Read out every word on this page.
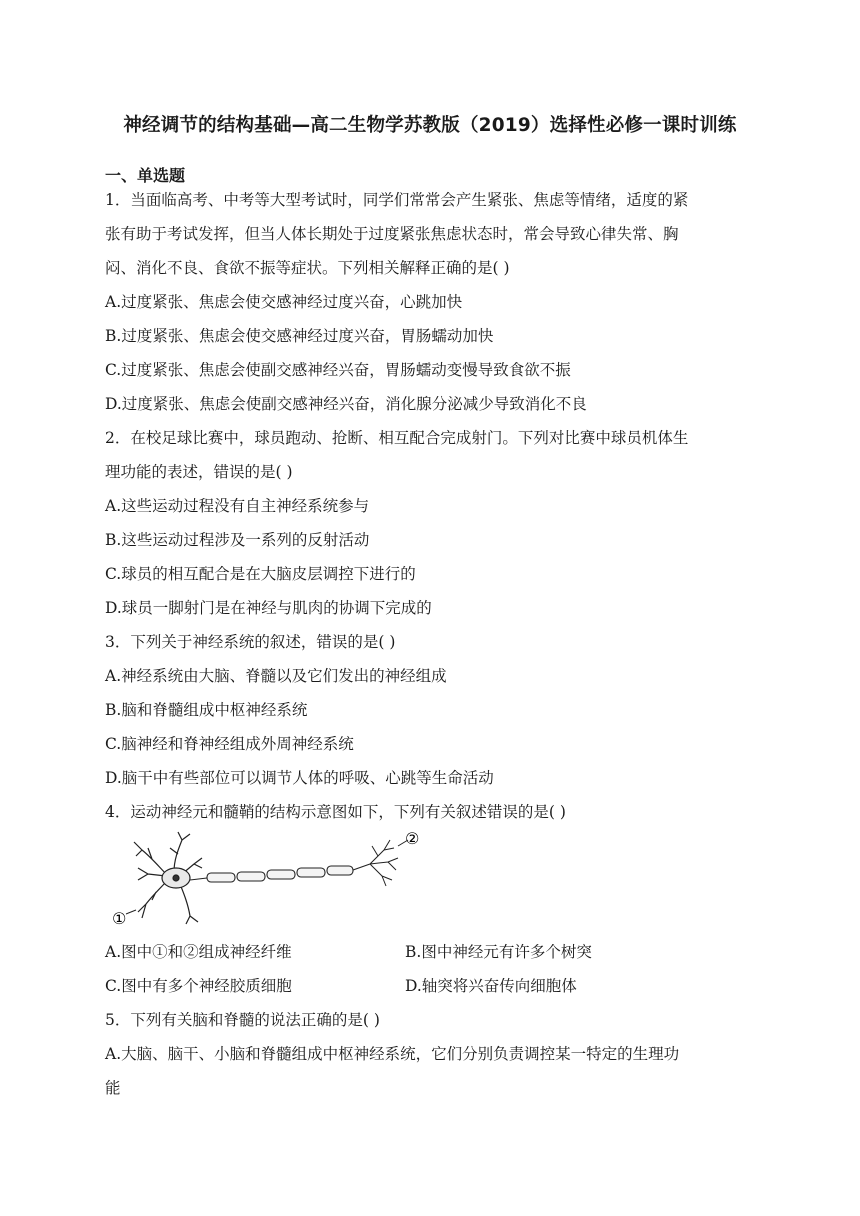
神经调节的结构基础—高二生物学苏教版（2019）选择性必修一课时训练
一、单选题
1．当面临高考、中考等大型考试时，同学们常常会产生紧张、焦虑等情绪，适度的紧
张有助于考试发挥，但当人体长期处于过度紧张焦虑状态时，常会导致心律失常、胸
闷、消化不良、食欲不振等症状。下列相关解释正确的是( )
A.过度紧张、焦虑会使交感神经过度兴奋，心跳加快
B.过度紧张、焦虑会使交感神经过度兴奋，胃肠蠕动加快
C.过度紧张、焦虑会使副交感神经兴奋，胃肠蠕动变慢导致食欲不振
D.过度紧张、焦虑会使副交感神经兴奋，消化腺分泌减少导致消化不良
2．在校足球比赛中，球员跑动、抢断、相互配合完成射门。下列对比赛中球员机体生
理功能的表述，错误的是( )
A.这些运动过程没有自主神经系统参与
B.这些运动过程涉及一系列的反射活动
C.球员的相互配合是在大脑皮层调控下进行的
D.球员一脚射门是在神经与肌肉的协调下完成的
3．下列关于神经系统的叙述，错误的是( )
A.神经系统由大脑、脊髓以及它们发出的神经组成
B.脑和脊髓组成中枢神经系统
C.脑神经和脊神经组成外周神经系统
D.脑干中有些部位可以调节人体的呼吸、心跳等生命活动
4．运动神经元和髓鞘的结构示意图如下，下列有关叙述错误的是( )
②
①
A.图中①和②组成神经纤维	B.图中神经元有许多个树突
C.图中有多个神经胶质细胞	D.轴突将兴奋传向细胞体
5．下列有关脑和脊髓的说法正确的是( )
A.大脑、脑干、小脑和脊髓组成中枢神经系统，它们分别负责调控某一特定的生理功
能
